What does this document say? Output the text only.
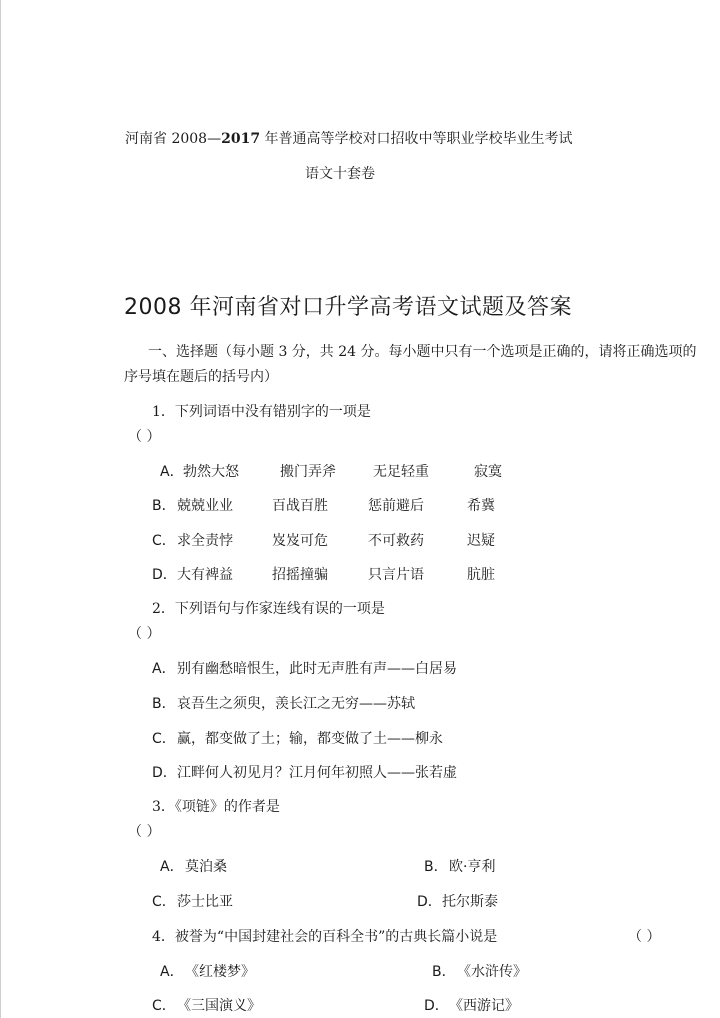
河南省 2008—2017 年普通高等学校对口招收中等职业学校毕业生考试
语文十套卷
2008 年河南省对口升学高考语文试题及答案
一、选择题（每小题 3 分，共 24 分。每小题中只有一个选项是正确的，请将正确选项的
序号填在题后的括号内）
1．下列词语中没有错别字的一项是
（ ）
A． 勃然大怒	搬门弄斧	无足轻重	寂寞
B． 兢兢业业	百战百胜	惩前避后	希冀
C． 求全责悖	岌岌可危	不可救药	迟疑
D． 大有裨益	招摇撞骗	只言片语	肮脏
2．下列语句与作家连线有误的一项是
（ ）
A． 别有幽愁暗恨生，此时无声胜有声——白居易
B． 哀吾生之须臾，羡长江之无穷——苏轼
C． 赢，都变做了土；输，都变做了土——柳永
D． 江畔何人初见月？江月何年初照人——张若虚
3．《项链》的作者是
（ ）
A． 莫泊桑	B． 欧·亨利
C． 莎士比亚	D． 托尔斯泰
4．被誉为“中国封建社会的百科全书”的古典长篇小说是	（ ）
A． 《红楼梦》	B． 《水浒传》
C． 《三国演义》	D． 《西游记》
